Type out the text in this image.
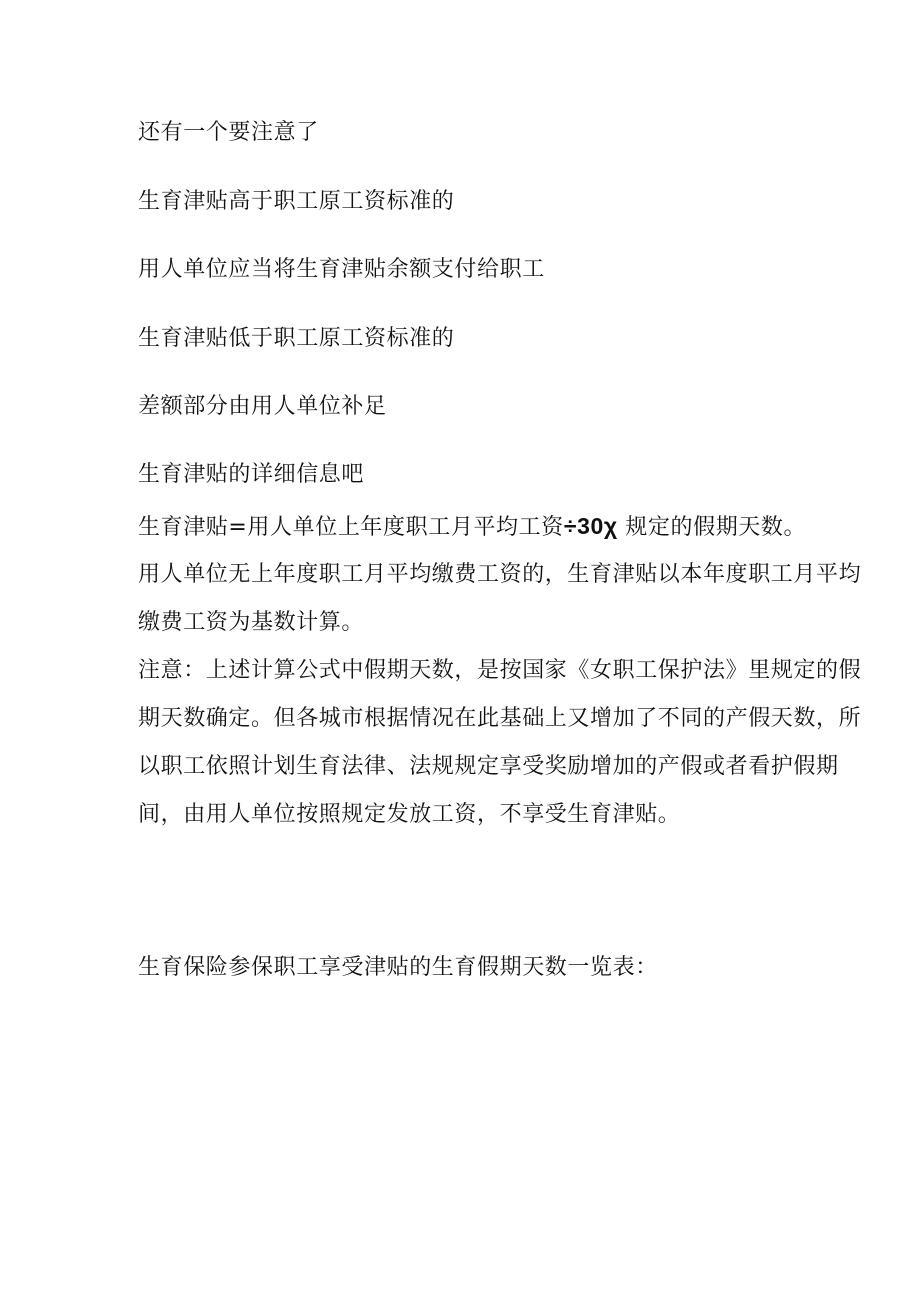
还有一个要注意了
生育津贴高于职工原工资标准的
用人单位应当将生育津贴余额支付给职工
生育津贴低于职工原工资标准的
差额部分由用人单位补足
生育津贴的详细信息吧
生育津贴=用人单位上年度职工月平均工资÷30χ 规定的假期天数。
用人单位无上年度职工月平均缴费工资的，生育津贴以本年度职工月平均缴费工资为基数计算。
注意：上述计算公式中假期天数，是按国家《女职工保护法》里规定的假期天数确定。但各城市根据情况在此基础上又增加了不同的产假天数，所以职工依照计划生育法律、法规规定享受奖励增加的产假或者看护假期间，由用人单位按照规定发放工资，不享受生育津贴。
生育保险参保职工享受津贴的生育假期天数一览表：
